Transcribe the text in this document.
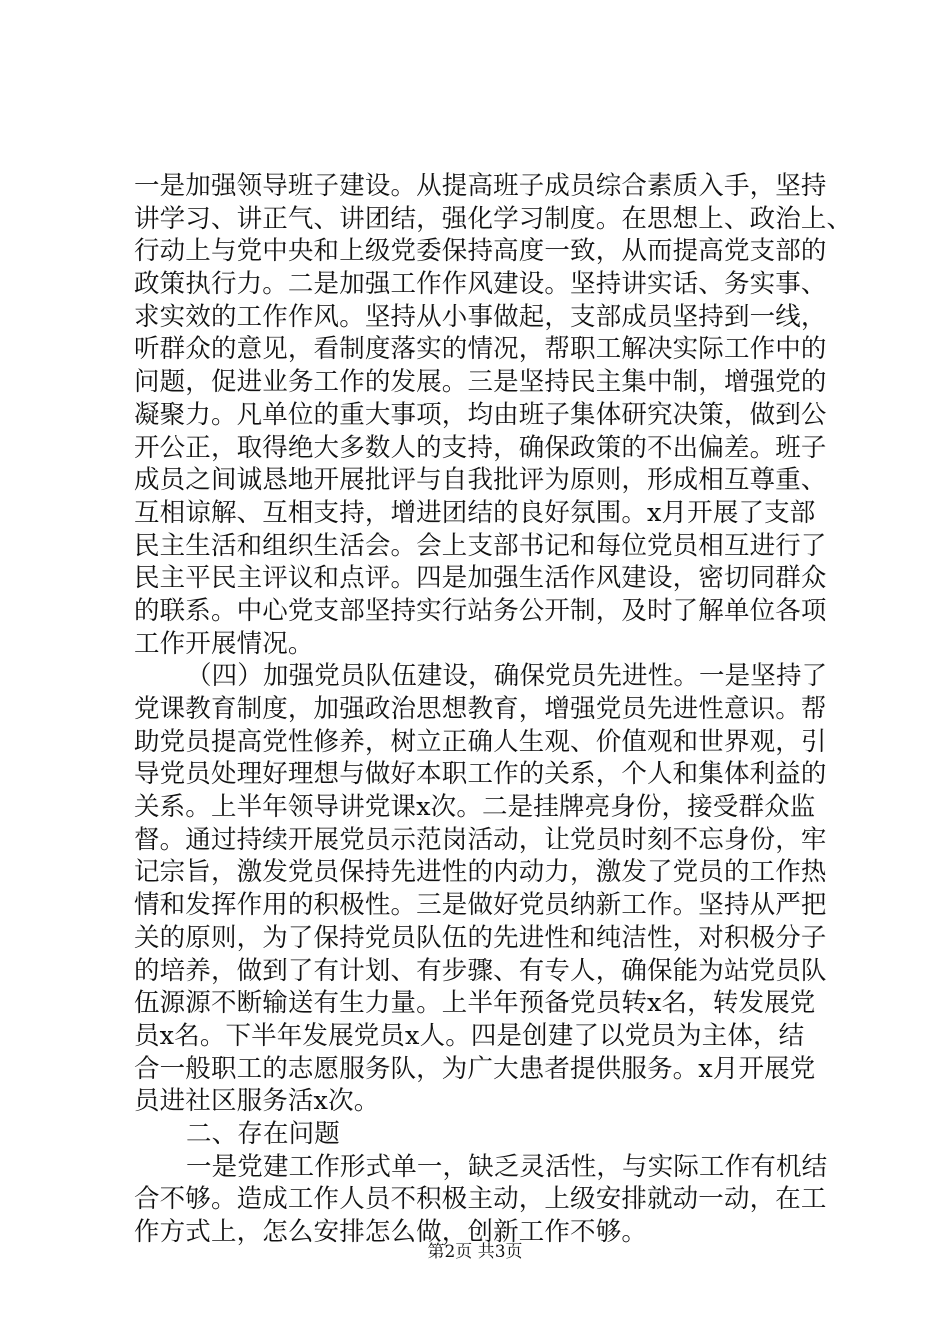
一是加强领导班子建设。从提高班子成员综合素质入手，坚持
讲学习、讲正气、讲团结，强化学习制度。在思想上、政治上、
行动上与党中央和上级党委保持高度一致，从而提高党支部的
政策执行力。二是加强工作作风建设。坚持讲实话、务实事、
求实效的工作作风。坚持从小事做起，支部成员坚持到一线，
听群众的意见，看制度落实的情况，帮职工解决实际工作中的
问题，促进业务工作的发展。三是坚持民主集中制，增强党的
凝聚力。凡单位的重大事项，均由班子集体研究决策，做到公
开公正，取得绝大多数人的支持，确保政策的不出偏差。班子
成员之间诚恳地开展批评与自我批评为原则，形成相互尊重、
互相谅解、互相支持，增进团结的良好氛围。x月开展了支部
民主生活和组织生活会。会上支部书记和每位党员相互进行了
民主平民主评议和点评。四是加强生活作风建设，密切同群众
的联系。中心党支部坚持实行站务公开制，及时了解单位各项
工作开展情况。
（四）加强党员队伍建设，确保党员先进性。一是坚持了
党课教育制度，加强政治思想教育，增强党员先进性意识。帮
助党员提高党性修养，树立正确人生观、价值观和世界观，引
导党员处理好理想与做好本职工作的关系，个人和集体利益的
关系。上半年领导讲党课x次。二是挂牌亮身份，接受群众监
督。通过持续开展党员示范岗活动，让党员时刻不忘身份，牢
记宗旨，激发党员保持先进性的内动力，激发了党员的工作热
情和发挥作用的积极性。三是做好党员纳新工作。坚持从严把
关的原则，为了保持党员队伍的先进性和纯洁性，对积极分子
的培养，做到了有计划、有步骤、有专人，确保能为站党员队
伍源源不断输送有生力量。上半年预备党员转x名，转发展党
员x名。下半年发展党员x人。四是创建了以党员为主体，结
合一般职工的志愿服务队，为广大患者提供服务。x月开展党
员进社区服务活x次。
二、存在问题
一是党建工作形式单一，缺乏灵活性，与实际工作有机结
合不够。造成工作人员不积极主动，上级安排就动一动，在工
作方式上，怎么安排怎么做，创新工作不够。
第2页 共3页
